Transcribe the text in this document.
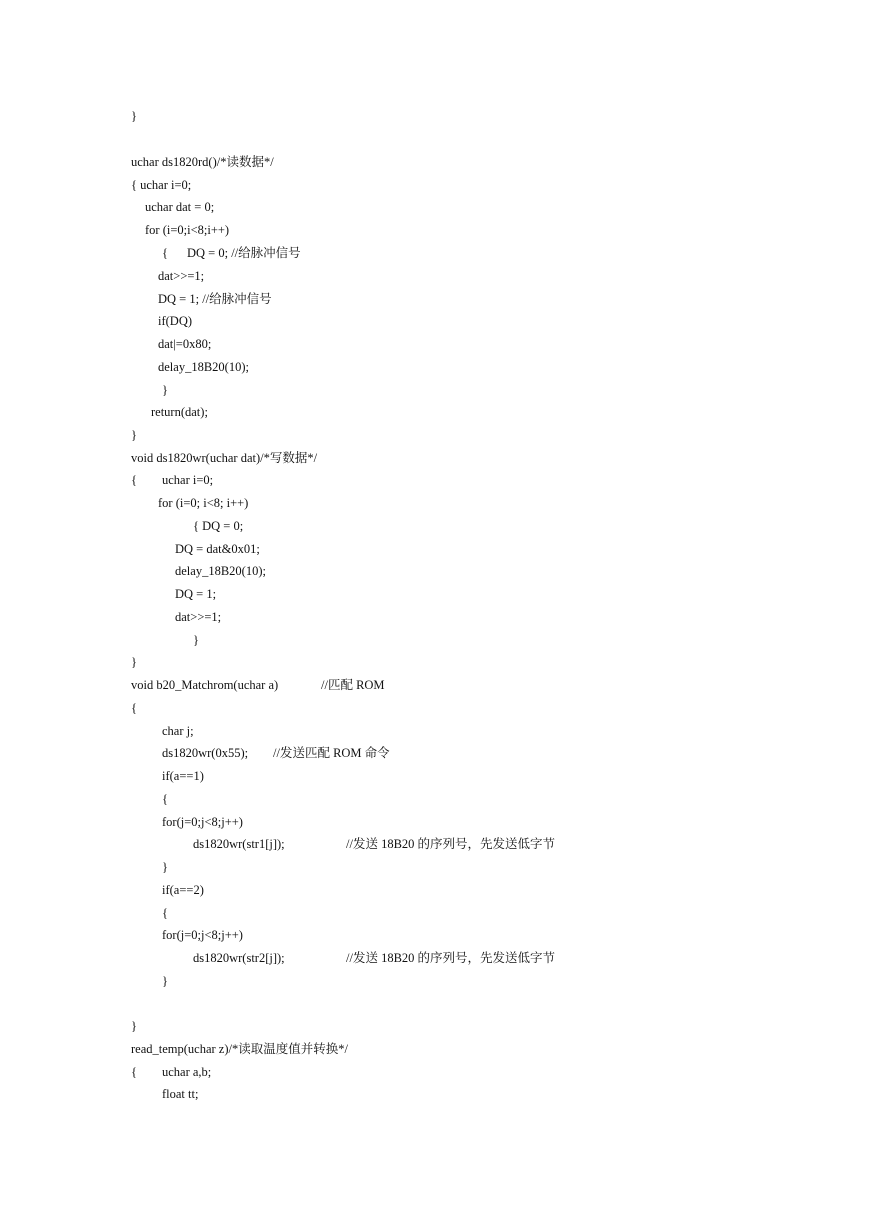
}
uchar ds1820rd()/*读数据*/
{ uchar i=0;
uchar dat = 0;
for (i=0;i<8;i++)

{

DQ = 0; //给脉冲信号

dat>>=1;
DQ = 1; //给脉冲信号
if(DQ)
dat|=0x80;
delay_18B20(10);
}
return(dat);
}
void ds1820wr(uchar dat)/*写数据*/

{

uchar i=0;

for (i=0; i<8; i++)
{ DQ = 0;
DQ = dat&0x01;
delay_18B20(10);
DQ = 1;
dat>>=1;
}
}

void b20_Matchrom(uchar a)

	//匹配 ROM

{
char j;

ds1820wr(0x55);

//发送匹配 ROM 命令

if(a==1)
{
for(j=0;j<8;j++)

ds1820wr(str1[j]);

	//发送 18B20 的序列号，先发送低字节

}
if(a==2)
{
for(j=0;j<8;j++)

ds1820wr(str2[j]);

	//发送 18B20 的序列号，先发送低字节

}
}
read_temp(uchar z)/*读取温度值并转换*/

{

uchar a,b;

float tt;
